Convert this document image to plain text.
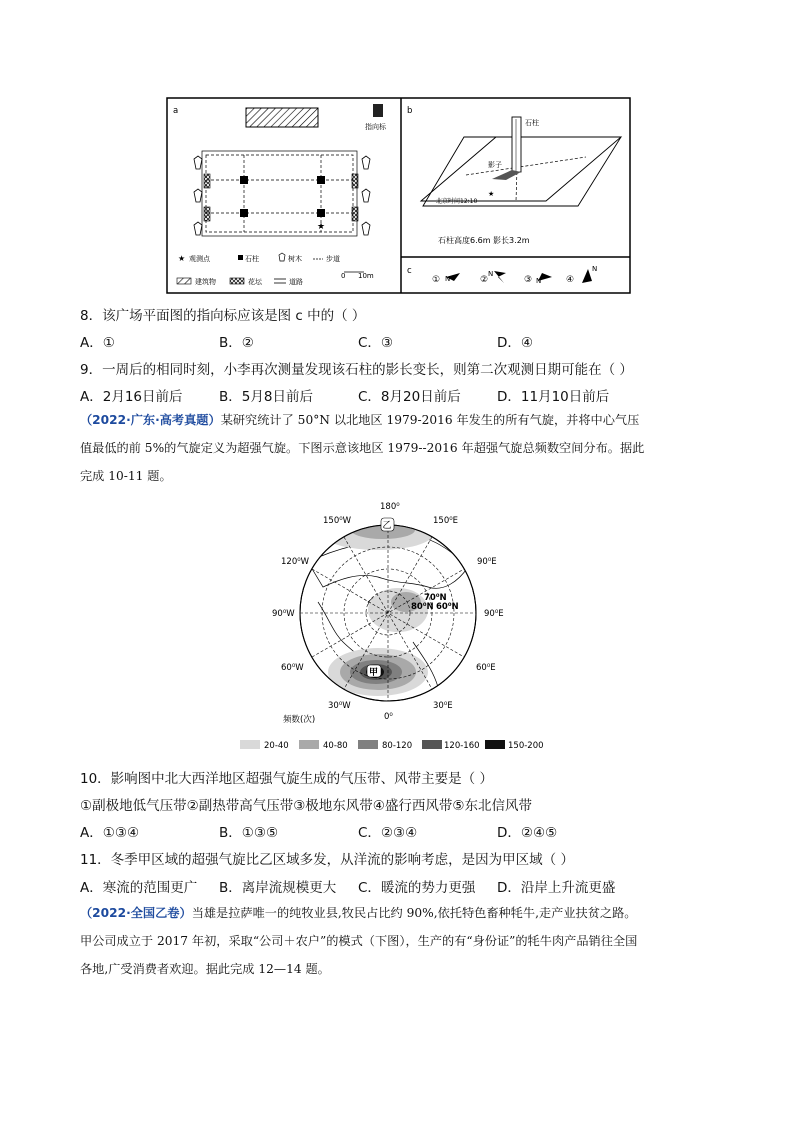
a
指向标
★
★ 观测点	石柱	树木	步道
0 10m
建筑物	花坛	道路
b
石柱
影子
★
北京时间12:10
石柱高度6.6m 影长3.2m
c
① N	②
N
③ N	④
N
8．该广场平面图的指向标应该是图 c 中的（ ）
A．①	B．②	C．③	D．④
9．一周后的相同时刻，小李再次测量发现该石柱的影长变长，则第二次观测日期可能在（ ）
A．2月16日前后	B．5月8日前后	C．8月20日前后	D．11月10日前后
（2022·广东·高考真题）某研究统计了 50°N 以北地区 1979-2016 年发生的所有气旋，并将中心气压
值最低的前 5%的气旋定义为超强气旋。下图示意该地区 1979--2016 年超强气旋总频数空间分布。据此
完成 10-11 题。
乙
甲
180⁰
150⁰W	150⁰E
120⁰W	90⁰E
90⁰W	90⁰E
70⁰N
80⁰N 60⁰N
60⁰W	60⁰E
30⁰W	30⁰E
0⁰
频数(次)
20-40	40-80	80-120	120-160	150-200
10．影响图中北大西洋地区超强气旋生成的气压带、风带主要是（ ）
①副极地低气压带②副热带高气压带③极地东风带④盛行西风带⑤东北信风带
A．①③④	B．①③⑤	C．②③④	D．②④⑤
11．冬季甲区域的超强气旋比乙区域多发，从洋流的影响考虑，是因为甲区域（ ）
A．寒流的范围更广 B．离岸流规模更大 C．暖流的势力更强 D．沿岸上升流更盛
（2022·全国乙卷）当雄是拉萨唯一的纯牧业县,牧民占比约 90%,依托特色畜种牦牛,走产业扶贫之路。
甲公司成立于 2017 年初，采取“公司＋农户”的模式（下图），生产的有“身份证”的牦牛肉产品销往全国
各地,广受消费者欢迎。据此完成 12—14 题。
